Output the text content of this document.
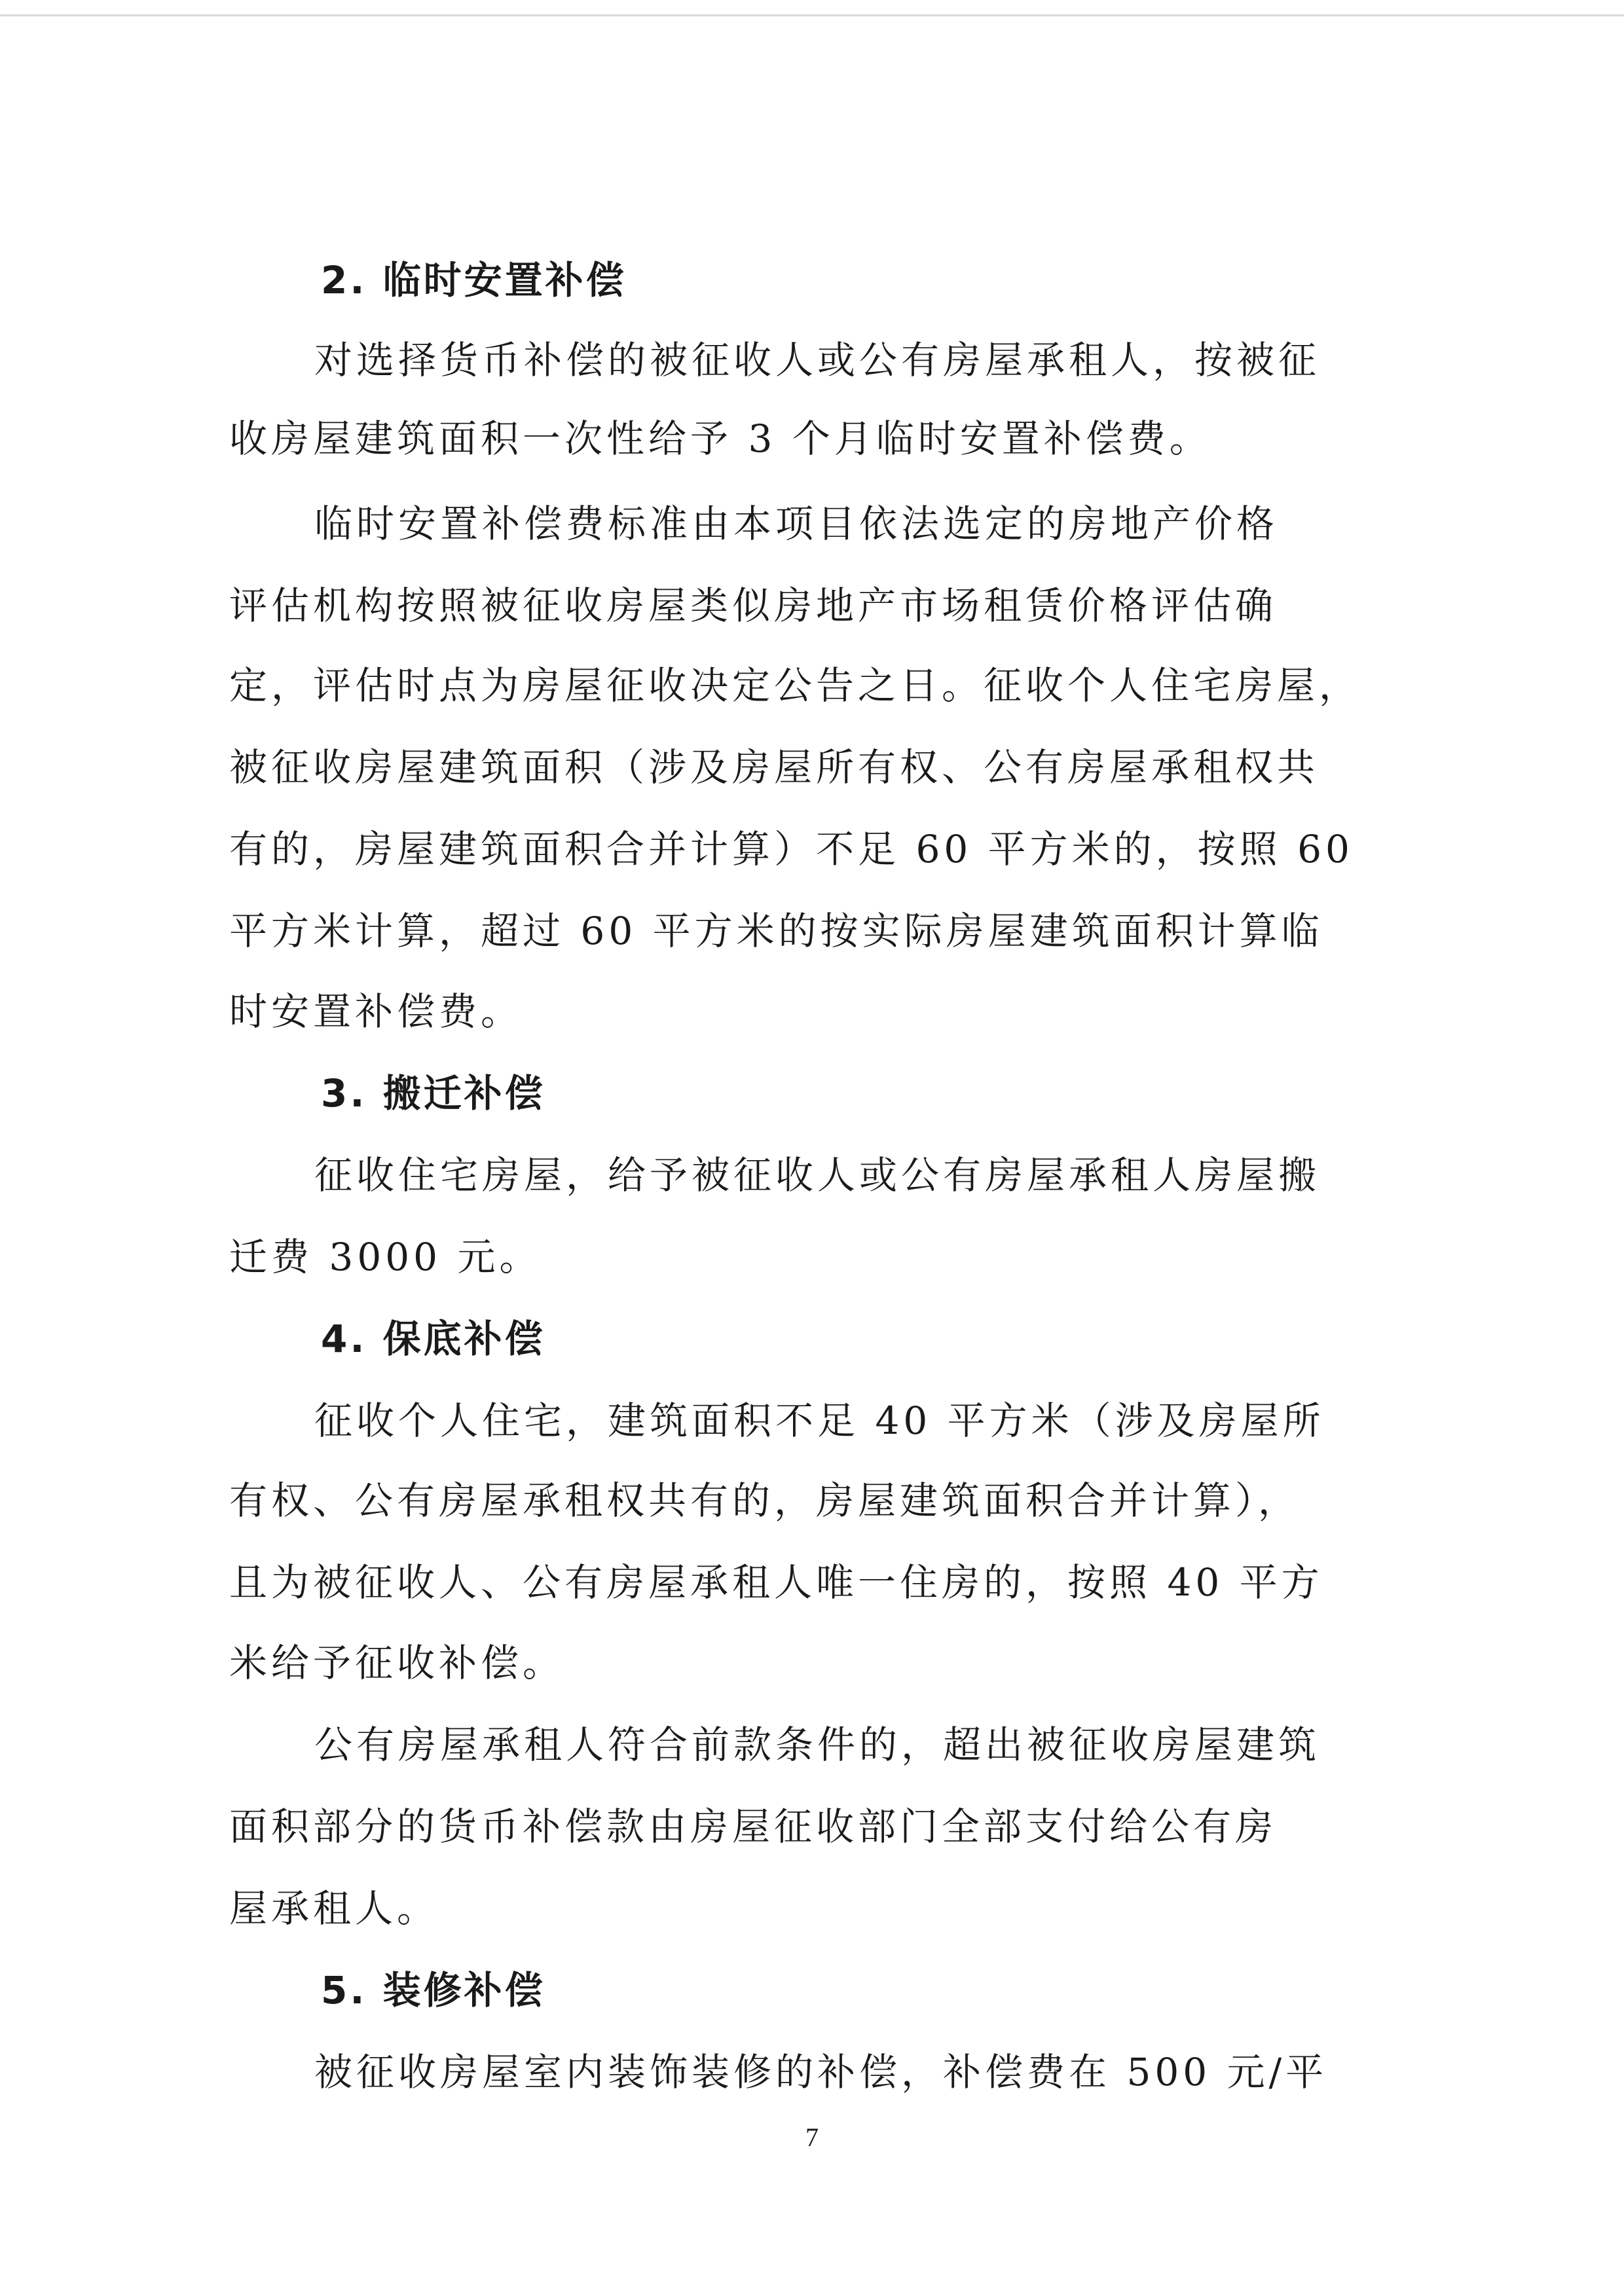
2. 临时安置补偿
对选择货币补偿的被征收人或公有房屋承租人，按被征
收房屋建筑面积一次性给予 3 个月临时安置补偿费。
临时安置补偿费标准由本项目依法选定的房地产价格
评估机构按照被征收房屋类似房地产市场租赁价格评估确
定，评估时点为房屋征收决定公告之日。征收个人住宅房屋，
被征收房屋建筑面积（涉及房屋所有权、公有房屋承租权共
有的，房屋建筑面积合并计算）不足 60 平方米的，按照 60
平方米计算，超过 60 平方米的按实际房屋建筑面积计算临
时安置补偿费。
3. 搬迁补偿
征收住宅房屋，给予被征收人或公有房屋承租人房屋搬
迁费 3000 元。
4. 保底补偿
征收个人住宅，建筑面积不足 40 平方米（涉及房屋所
有权、公有房屋承租权共有的，房屋建筑面积合并计算），
且为被征收人、公有房屋承租人唯一住房的，按照 40 平方
米给予征收补偿。
公有房屋承租人符合前款条件的，超出被征收房屋建筑
面积部分的货币补偿款由房屋征收部门全部支付给公有房
屋承租人。
5. 装修补偿
被征收房屋室内装饰装修的补偿，补偿费在 500 元/平
7
